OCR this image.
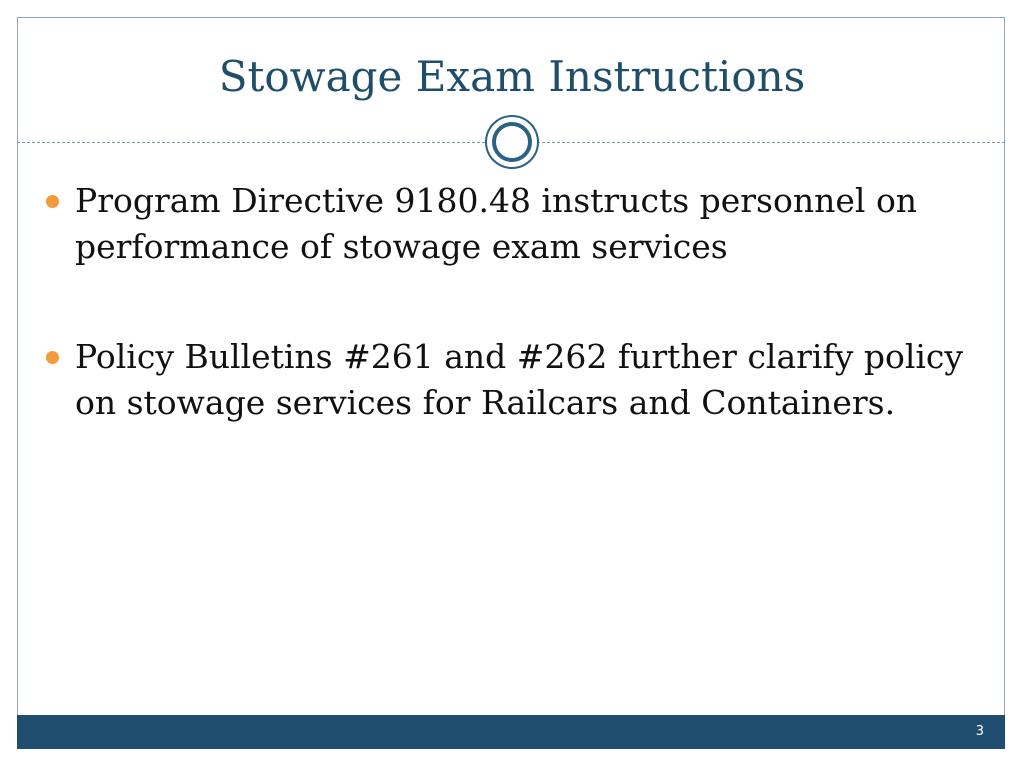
Stowage Exam Instructions
Program Directive 9180.48 instructs personnel on performance of stowage exam services
Policy Bulletins #261 and #262 further clarify policy on stowage services for Railcars and Containers.
3
